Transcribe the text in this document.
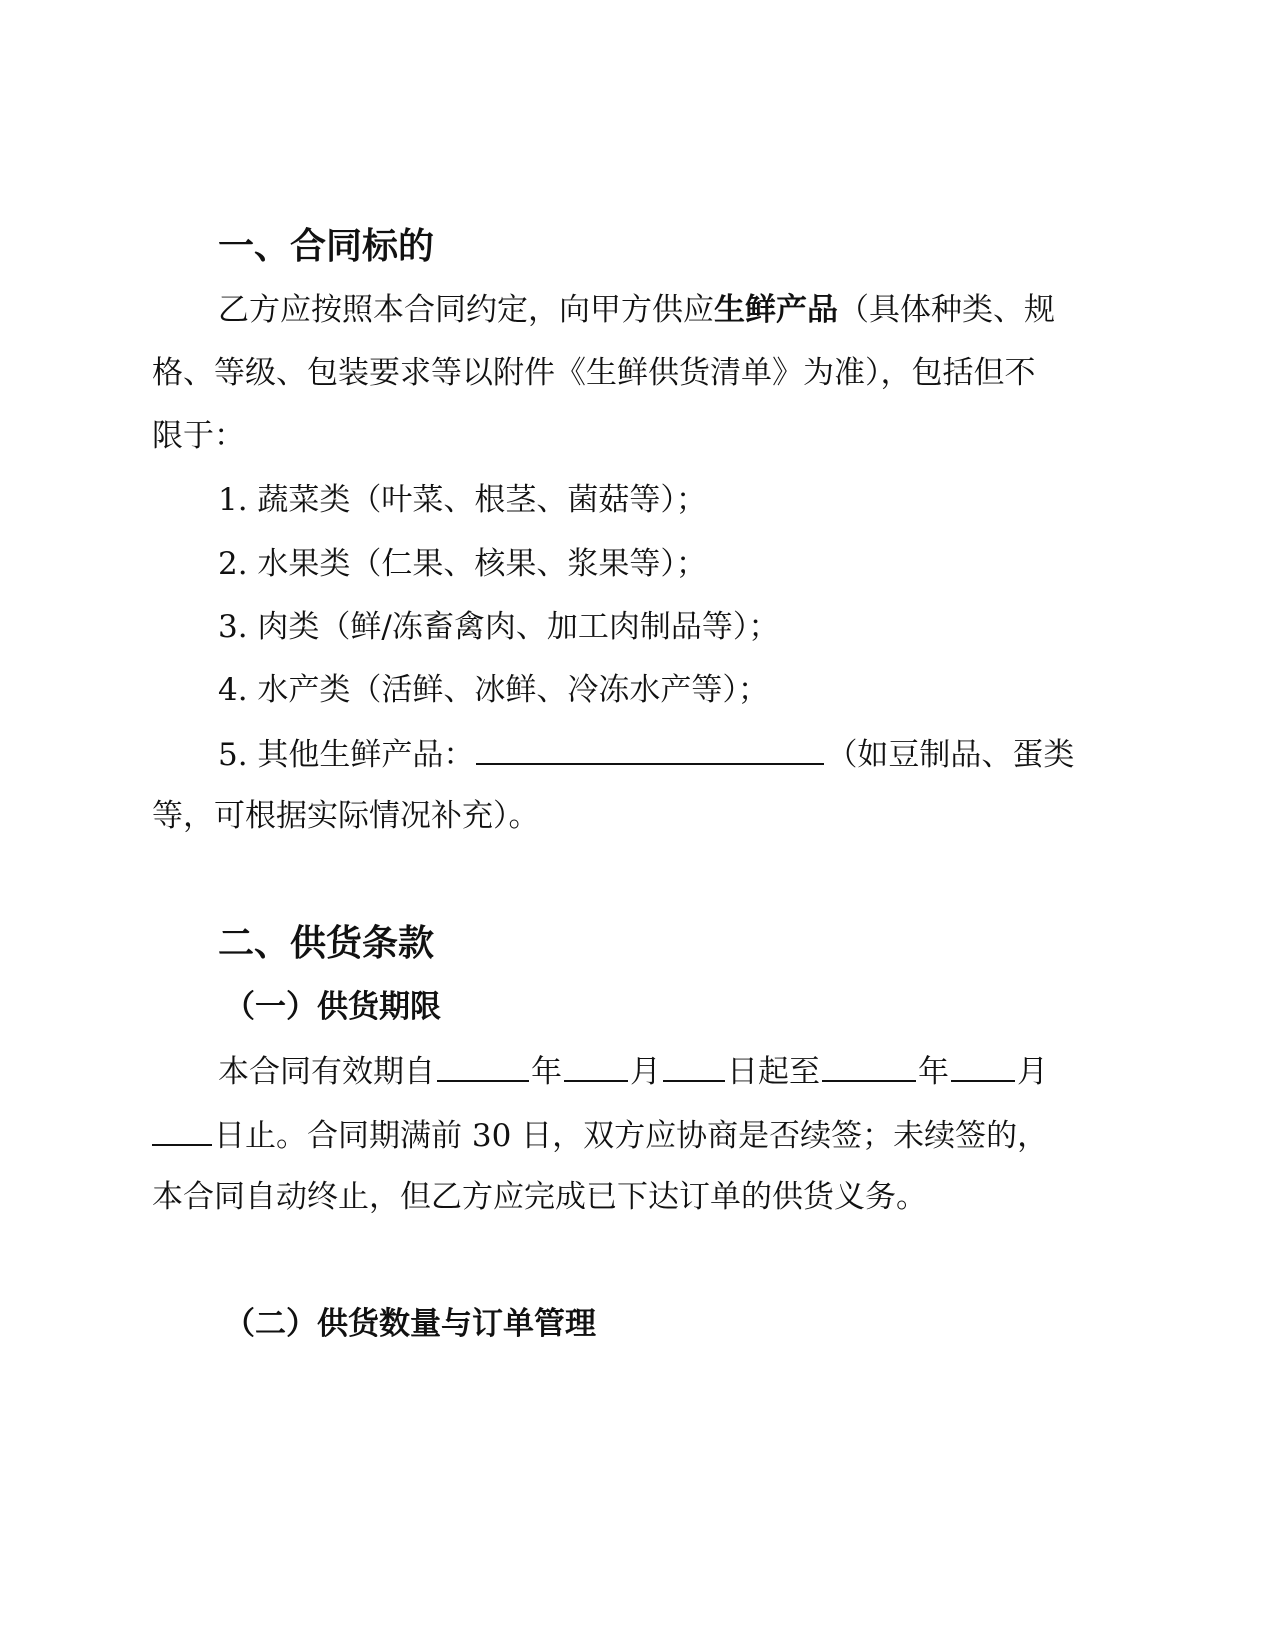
一、合同标的
乙方应按照本合同约定，向甲方供应生鲜产品（具体种类、规
格、等级、包装要求等以附件《生鲜供货清单》为准），包括但不
限于：
1. 蔬菜类（叶菜、根茎、菌菇等）；
2. 水果类（仁果、核果、浆果等）；
3. 肉类（鲜/冻畜禽肉、加工肉制品等）；
4. 水产类（活鲜、冰鲜、冷冻水产等）；
5. 其他生鲜产品：	（如豆制品、蛋类
等，可根据实际情况补充）。
二、供货条款
（一）供货期限
本合同有效期自	年 月 日起至	年 月
日止。合同期满前 30 日，双方应协商是否续签；未续签的，
本合同自动终止，但乙方应完成已下达订单的供货义务。
（二）供货数量与订单管理
